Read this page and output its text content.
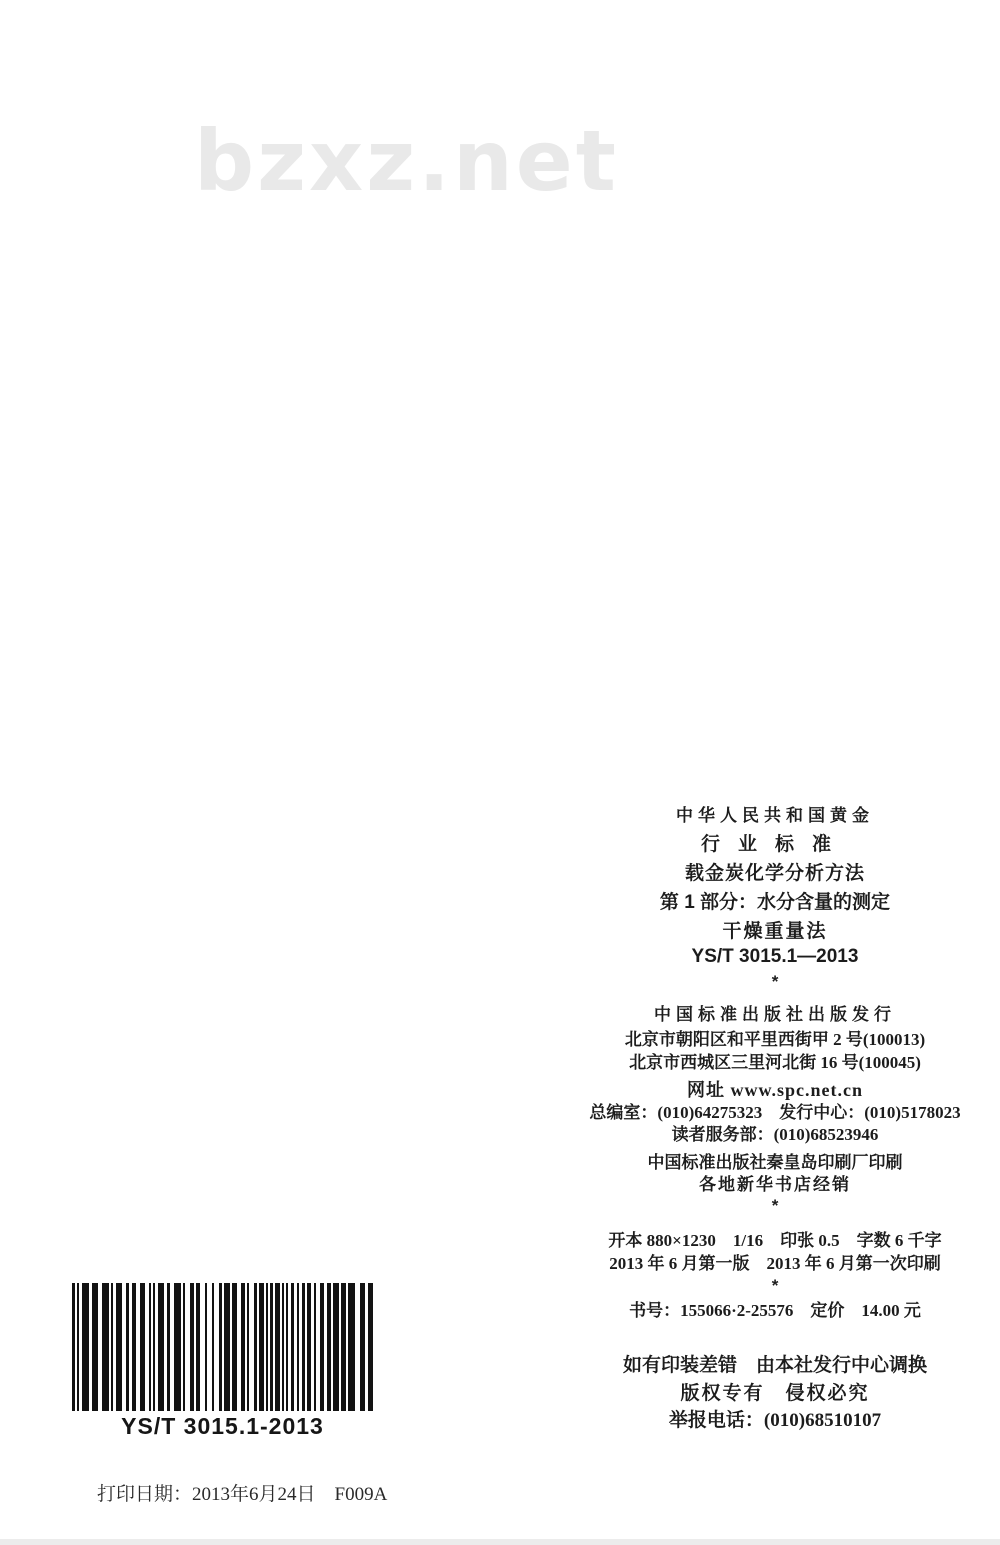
bzxz.net
中华人民共和国黄金
行业标准
载金炭化学分析方法
第 1 部分：水分含量的测定
干燥重量法
YS/T 3015.1—2013
*
中国标准出版社出版发行
北京市朝阳区和平里西街甲 2 号(100013)
北京市西城区三里河北街 16 号(100045)
网址 www.spc.net.cn
总编室：(010)64275323　发行中心：(010)5178023
读者服务部：(010)68523946
中国标准出版社秦皇岛印刷厂印刷
各地新华书店经销
*
开本 880×1230　1/16　印张 0.5　字数 6 千字
2013 年 6 月第一版　2013 年 6 月第一次印刷
*
书号：155066·2-25576　定价　14.00 元
如有印装差错　由本社发行中心调换
版权专有　侵权必究
举报电话：(010)68510107
YS/T 3015.1-2013
打印日期：2013年6月24日　F009A
